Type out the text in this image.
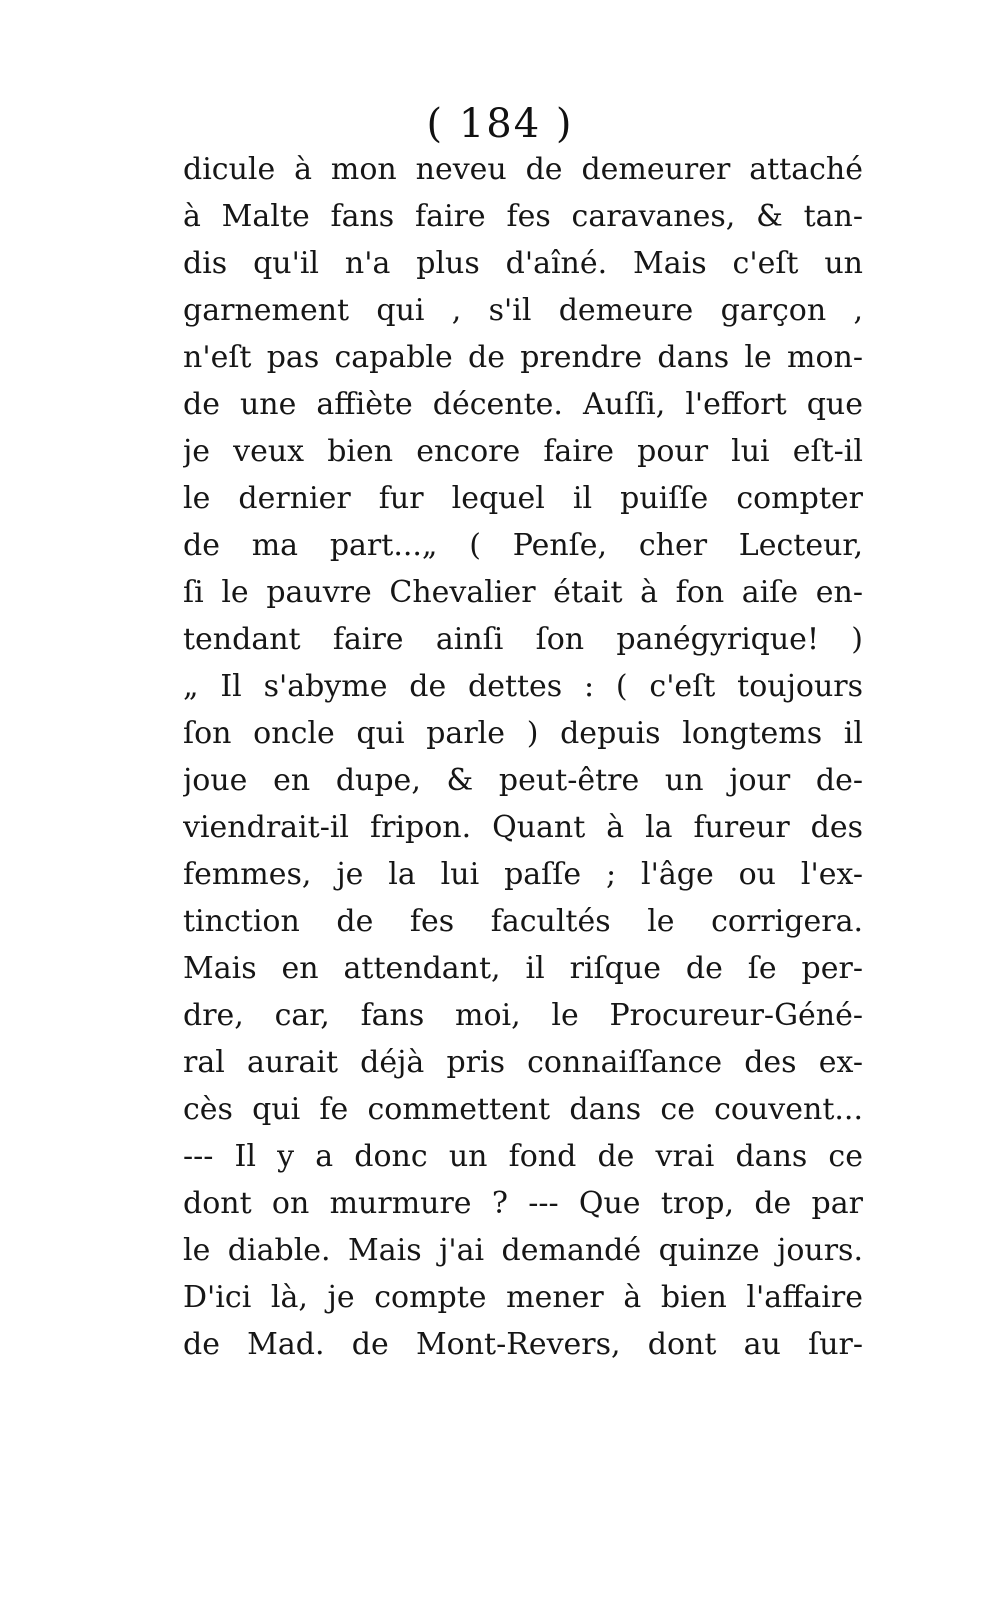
( 184 )
dicule à mon neveu de demeurer attaché
à Malte fans faire fes caravanes, & tan-
dis qu'il n'a plus d'aîné. Mais c'eſt un
garnement qui , s'il demeure garçon ,
n'eſt pas capable de prendre dans le mon-
de une affiète décente. Auſſi, l'effort que
je veux bien encore faire pour lui eſt-il
le dernier fur lequel il puiſſe compter
de ma part...„ ( Penſe, cher Lecteur,
ſi le pauvre Chevalier était à fon aiſe en-
tendant faire ainſi ſon panégyrique! )
„ Il s'abyme de dettes : ( c'eſt toujours
ſon oncle qui parle ) depuis longtems il
joue en dupe, & peut-être un jour de-
viendrait-il fripon. Quant à la fureur des
femmes, je la lui paſſe ; l'âge ou l'ex-
tinction de fes facultés le corrigera.
Mais en attendant, il riſque de ſe per-
dre, car, fans moi, le Procureur-Géné-
ral aurait déjà pris connaiſſance des ex-
cès qui fe commettent dans ce couvent...
--- Il y a donc un fond de vrai dans ce
dont on murmure ? --- Que trop, de par
le diable. Mais j'ai demandé quinze jours.
D'ici là, je compte mener à bien l'affaire
de Mad. de Mont-Revers, dont au ſur-
